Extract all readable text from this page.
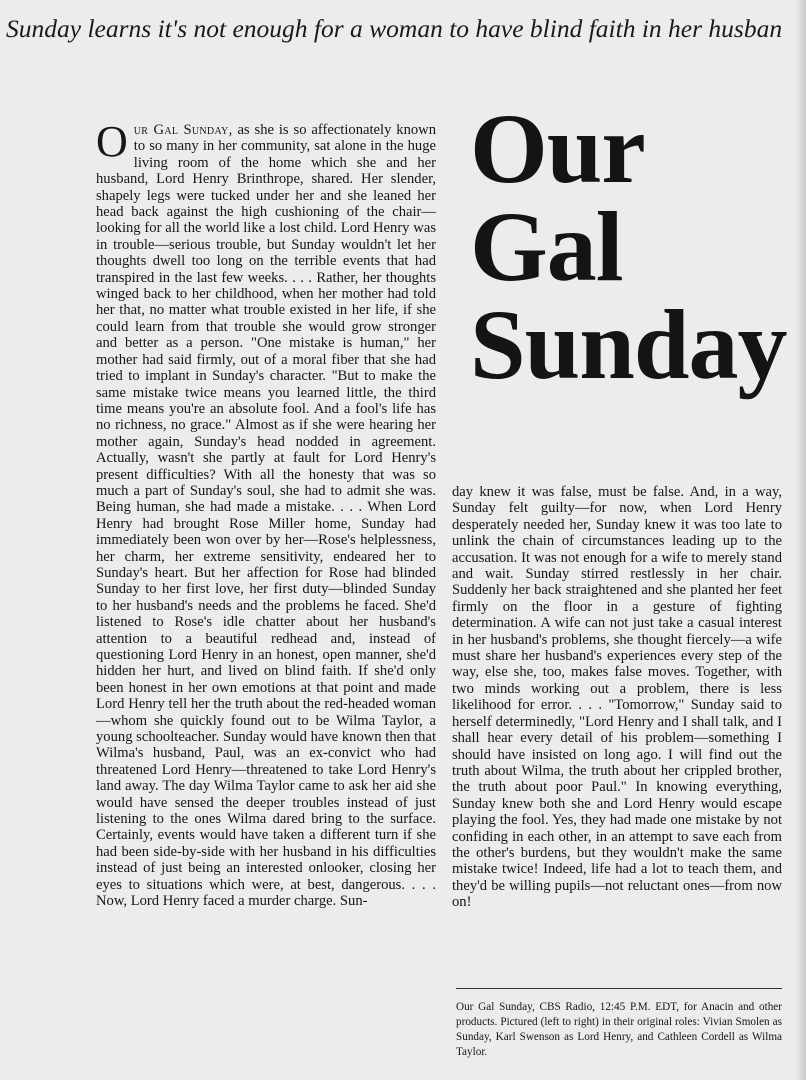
Sunday learns it's not enough for a woman to have blind faith in her husban
Our Gal Sunday, as she is so affectionately known to so many in her community, sat alone in the huge living room of the home which she and her husband, Lord Henry Brinthrope, shared. Her slender, shapely legs were tucked under her and she leaned her head back against the high cushioning of the chair—looking for all the world like a lost child. Lord Henry was in trouble—serious trouble, but Sunday wouldn't let her thoughts dwell too long on the terrible events that had transpired in the last few weeks. . . . Rather, her thoughts winged back to her childhood, when her mother had told her that, no matter what trouble existed in her life, if she could learn from that trouble she would grow stronger and better as a person. "One mistake is human," her mother had said firmly, out of a moral fiber that she had tried to implant in Sunday's character. "But to make the same mistake twice means you learned little, the third time means you're an absolute fool. And a fool's life has no richness, no grace." Almost as if she were hearing her mother again, Sunday's head nodded in agreement. Actually, wasn't she partly at fault for Lord Henry's present difficulties? With all the honesty that was so much a part of Sunday's soul, she had to admit she was. Being human, she had made a mistake. . . . When Lord Henry had brought Rose Miller home, Sunday had immediately been won over by her—Rose's helplessness, her charm, her extreme sensitivity, endeared her to Sunday's heart. But her affection for Rose had blinded Sunday to her first love, her first duty—blinded Sunday to her husband's needs and the problems he faced. She'd listened to Rose's idle chatter about her husband's attention to a beautiful redhead and, instead of questioning Lord Henry in an honest, open manner, she'd hidden her hurt, and lived on blind faith. If she'd only been honest in her own emotions at that point and made Lord Henry tell her the truth about the red-headed woman—whom she quickly found out to be Wilma Taylor, a young schoolteacher. Sunday would have known then that Wilma's husband, Paul, was an ex-convict who had threatened Lord Henry—threatened to take Lord Henry's land away. The day Wilma Taylor came to ask her aid she would have sensed the deeper troubles instead of just listening to the ones Wilma dared bring to the surface. Certainly, events would have taken a different turn if she had been side-by-side with her husband in his difficulties instead of just being an interested onlooker, closing her eyes to situations which were, at best, dangerous. . . . Now, Lord Henry faced a murder charge. Sun-
Our
Gal
Sunday
day knew it was false, must be false. And, in a way, Sunday felt guilty—for now, when Lord Henry desperately needed her, Sunday knew it was too late to unlink the chain of circumstances leading up to the accusation. It was not enough for a wife to merely stand and wait. Sunday stirred restlessly in her chair. Suddenly her back straightened and she planted her feet firmly on the floor in a gesture of fighting determination. A wife can not just take a casual interest in her husband's problems, she thought fiercely—a wife must share her husband's experiences every step of the way, else she, too, makes false moves. Together, with two minds working out a problem, there is less likelihood for error. . . . "Tomorrow," Sunday said to herself determinedly, "Lord Henry and I shall talk, and I shall hear every detail of his problem—something I should have insisted on long ago. I will find out the truth about Wilma, the truth about her crippled brother, the truth about poor Paul." In knowing everything, Sunday knew both she and Lord Henry would escape playing the fool. Yes, they had made one mistake by not confiding in each other, in an attempt to save each from the other's burdens, but they wouldn't make the same mistake twice! Indeed, life had a lot to teach them, and they'd be willing pupils—not reluctant ones—from now on!
Our Gal Sunday, CBS Radio, 12:45 P.M. EDT, for Anacin and other products. Pictured (left to right) in their original roles: Vivian Smolen as Sunday, Karl Swenson as Lord Henry, and Cathleen Cordell as Wilma Taylor.
